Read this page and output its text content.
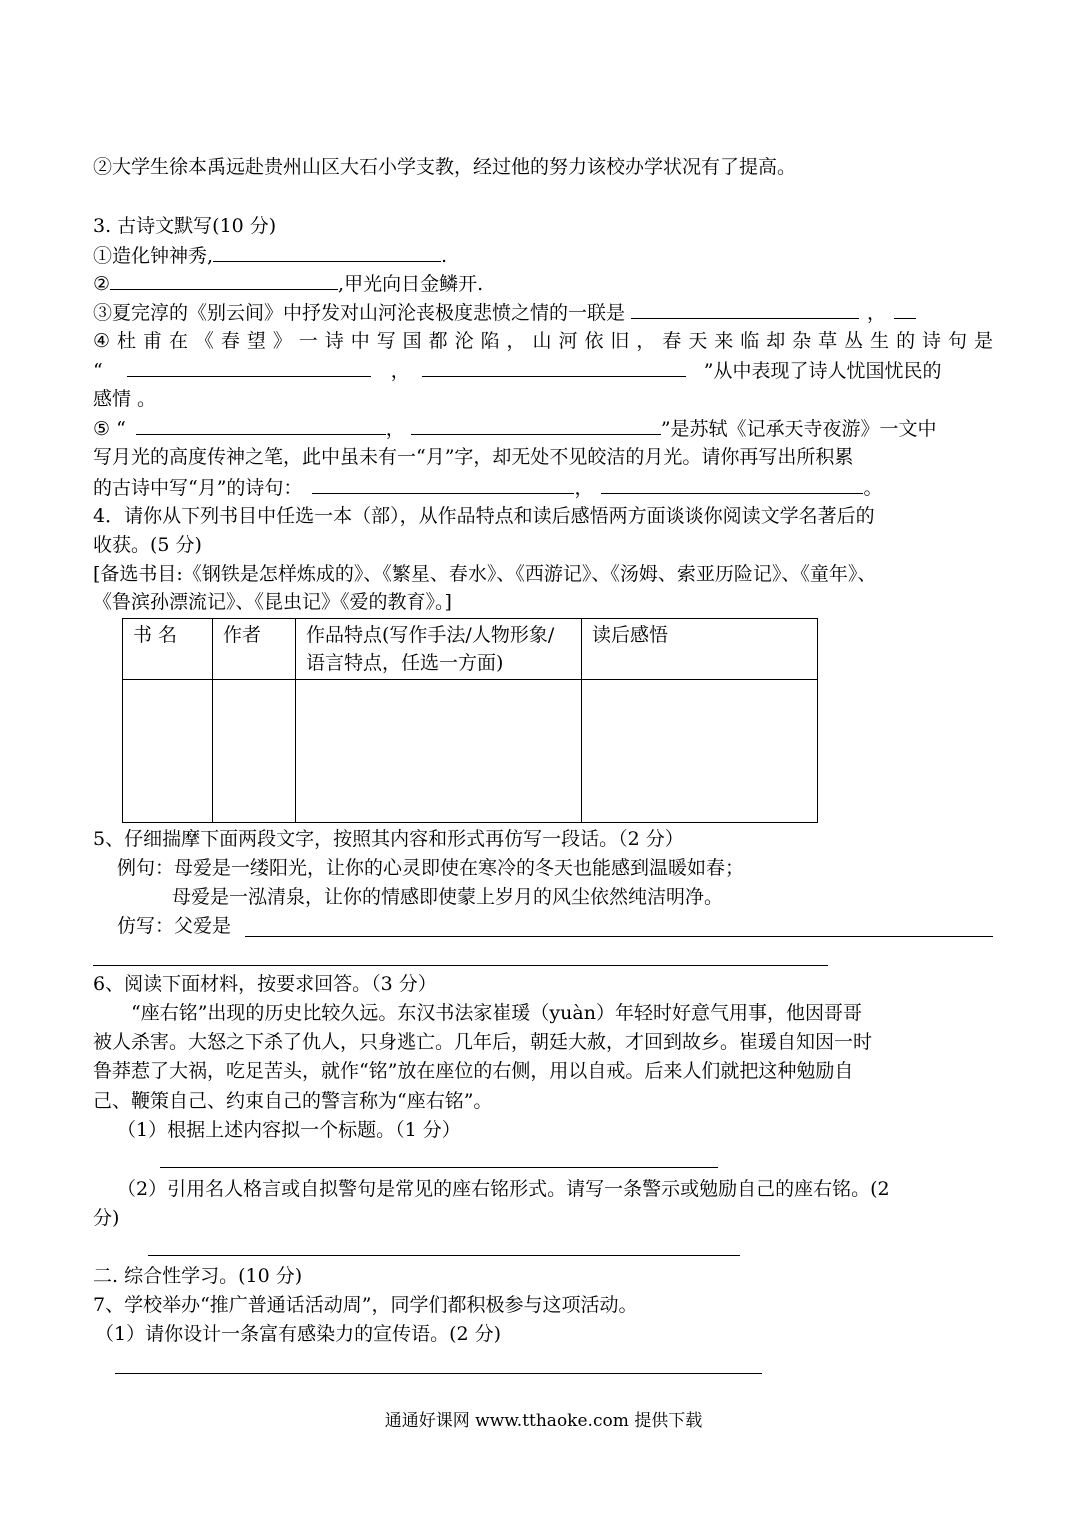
②大学生徐本禹远赴贵州山区大石小学支教，经过他的努力该校办学状况有了提高。
3. 古诗文默写(10 分)
①造化钟神秀,	.
②	,甲光向日金鳞开.
③夏完淳的《别云间》中抒发对山河沦丧极度悲愤之情的一联是	，
④ 杜 甫 在 《 春 望 》 一 诗 中 写 国 都 沦 陷 ， 山 河 依 旧 ， 春 天 来 临 却 杂 草 丛 生 的 诗 句 是
“	，	”从中表现了诗人忧国忧民的
感情 。
⑤ “	，	”是苏轼《记承天寺夜游》一文中
写月光的高度传神之笔，此中虽未有一“月”字，却无处不见皎洁的月光。请你再写出所积累
的古诗中写“月”的诗句：	，	。
4．请你从下列书目中任选一本（部），从作品特点和读后感悟两方面谈谈你阅读文学名著后的
收获。(5 分)
[备选书目:《钢铁是怎样炼成的》、《繁星、春水》、《西游记》、《汤姆、索亚历险记》、《童年》、
《鲁滨孙漂流记》、《昆虫记》《爱的教育》。]
书 名	作者	作品特点(写作手法/人物形象/语言特点，任选一方面)	读后感悟

5、仔细揣摩下面两段文字，按照其内容和形式再仿写一段话。（2 分）
例句：母爱是一缕阳光，让你的心灵即使在寒冷的冬天也能感到温暖如春；
母爱是一泓清泉，让你的情感即使蒙上岁月的风尘依然纯洁明净。
仿写：父爱是
6、阅读下面材料，按要求回答。（3 分）
“座右铭”出现的历史比较久远。东汉书法家崔瑗（yuàn）年轻时好意气用事，他因哥哥
被人杀害。大怒之下杀了仇人，只身逃亡。几年后，朝廷大赦，才回到故乡。崔瑗自知因一时
鲁莽惹了大祸，吃足苦头，就作“铭”放在座位的右侧，用以自戒。后来人们就把这种勉励自
己、鞭策自己、约束自己的警言称为“座右铭”。
（1）根据上述内容拟一个标题。（1 分）
（2）引用名人格言或自拟警句是常见的座右铭形式。请写一条警示或勉励自己的座右铭。(2
分)
二. 综合性学习。(10 分)
7、学校举办“推广普通话活动周”，同学们都积极参与这项活动。
（1）请你设计一条富有感染力的宣传语。(2 分)
通通好课网 www.tthaoke.com 提供下载
